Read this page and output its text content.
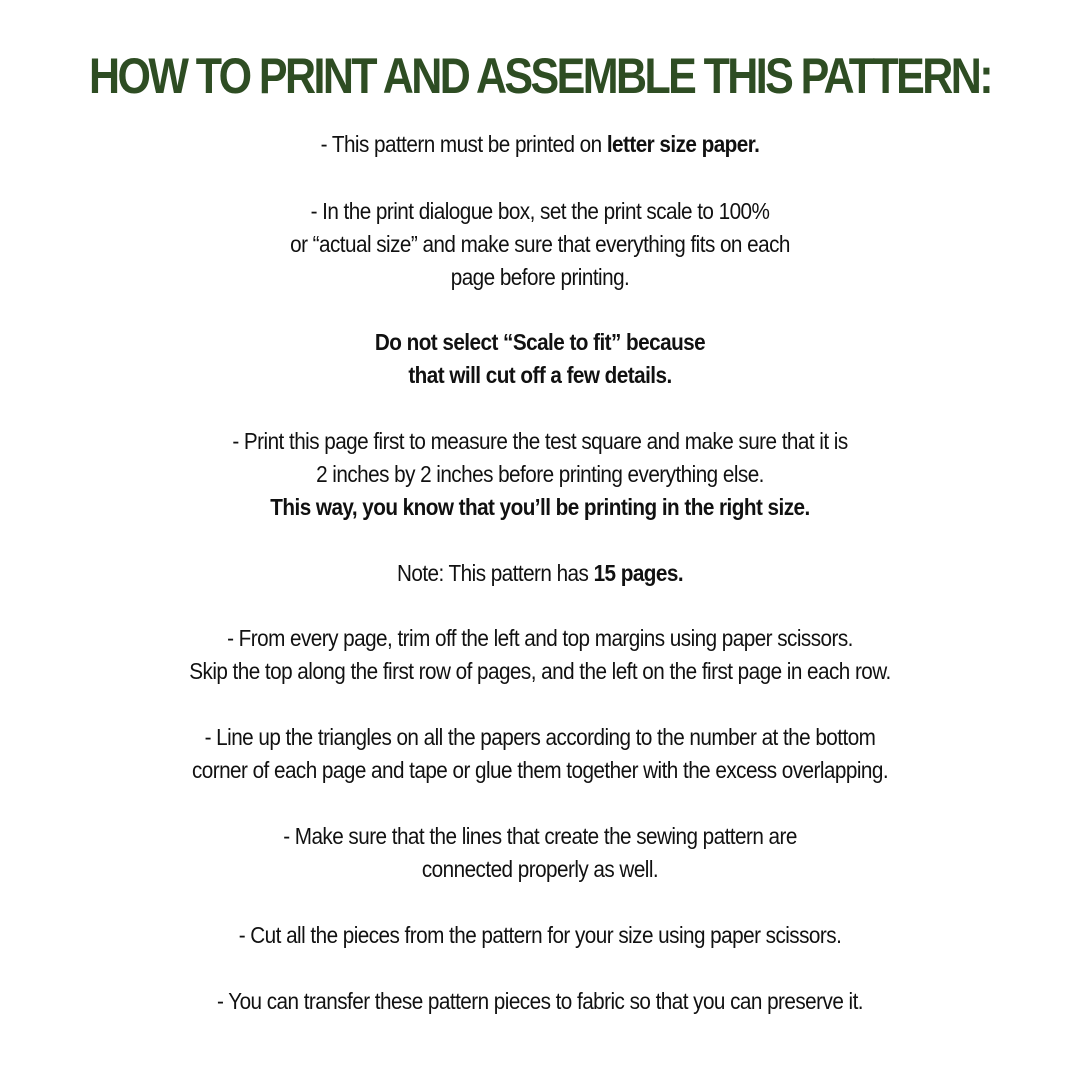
HOW TO PRINT AND ASSEMBLE THIS PATTERN:
- This pattern must be printed on letter size paper.
- In the print dialogue box, set the print scale to 100%
or “actual size” and make sure that everything fits on each
page before printing.
Do not select “Scale to fit” because
that will cut off a few details.
- Print this page first to measure the test square and make sure that it is
2 inches by 2 inches before printing everything else.
This way, you know that you’ll be printing in the right size.
Note: This pattern has 15 pages.
- From every page, trim off the left and top margins using paper scissors.
Skip the top along the first row of pages, and the left on the first page in each row.
- Line up the triangles on all the papers according to the number at the bottom
corner of each page and tape or glue them together with the excess overlapping.
- Make sure that the lines that create the sewing pattern are
connected properly as well.
- Cut all the pieces from the pattern for your size using paper scissors.
- You can transfer these pattern pieces to fabric so that you can preserve it.
